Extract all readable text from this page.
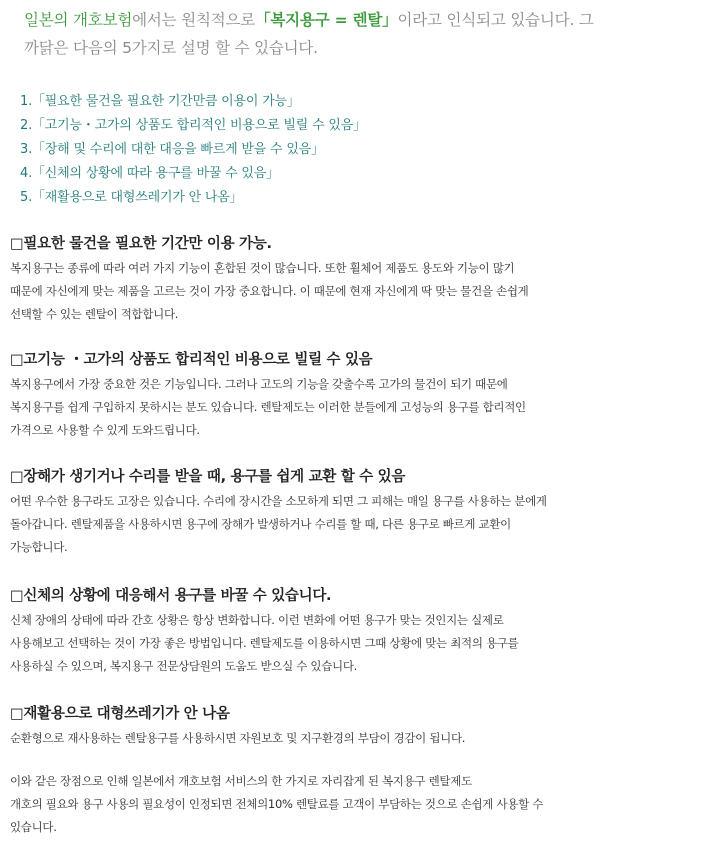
일본의 개호보험에서는 원칙적으로「복지용구 = 렌탈」이라고 인식되고 있습니다. 그
까닭은 다음의 5가지로 설명 할 수 있습니다.
1.「필요한 물건을 필요한 기간만큼 이용이 가능」
2.「고기능・고가의 상품도 합리적인 비용으로 빌릴 수 있음」
3.「장해 및 수리에 대한 대응을 빠르게 받을 수 있음」
4.「신체의 상황에 따라 용구를 바꿀 수 있음」
5.「재활용으로 대형쓰레기가 안 나옴」
□필요한 물건을 필요한 기간만 이용 가능.

복지용구는 종류에 따라 여러 가지 기능이 혼합된 것이 많습니다. 또한 휠체어 제품도 용도와 기능이 많기
때문에 자신에게 맞는 제품을 고르는 것이 가장 중요합니다. 이 때문에 현재 자신에게 딱 맞는 물건을 손쉽게
선택할 수 있는 렌탈이 적합합니다.

□고기능 ・고가의 상품도 합리적인 비용으로 빌릴 수 있음

복지용구에서 가장 중요한 것은 기능입니다. 그러나 고도의 기능을 갖출수록 고가의 물건이 되기 때문에
복지용구를 쉽게 구입하지 못하시는 분도 있습니다. 렌탈제도는 이러한 분들에게 고성능의 용구를 합리적인
가격으로 사용할 수 있게 도와드립니다.

□장해가 생기거나 수리를 받을 때, 용구를 쉽게 교환 할 수 있음

어떤 우수한 용구라도 고장은 있습니다. 수리에 장시간을 소모하게 되면 그 피해는 매일 용구를 사용하는 분에게
돌아갑니다. 렌탈제품을 사용하시면 용구에 장해가 발생하거나 수리를 할 때, 다른 용구로 빠르게 교환이
가능합니다.

□신체의 상황에 대응해서 용구를 바꿀 수 있습니다.

신체 장애의 상태에 따라 간호 상황은 항상 변화합니다. 이런 변화에 어떤 용구가 맞는 것인지는 실제로
사용해보고 선택하는 것이 가장 좋은 방법입니다. 렌탈제도를 이용하시면 그때 상황에 맞는 최적의 용구를
사용하실 수 있으며, 복지용구 전문상담원의 도움도 받으실 수 있습니다.

□재활용으로 대형쓰레기가 안 나옴

순환형으로 재사용하는 렌탈용구를 사용하시면 자원보호 및 지구환경의 부담이 경감이 됩니다.

이와 같은 장점으로 인해 일본에서 개호보험 서비스의 한 가지로 자리잡게 된 복지용구 렌탈제도
개호의 필요와 용구 사용의 필요성이 인정되면 전체의10% 렌탈료를 고객이 부담하는 것으로 손쉽게 사용할 수
있습니다.
